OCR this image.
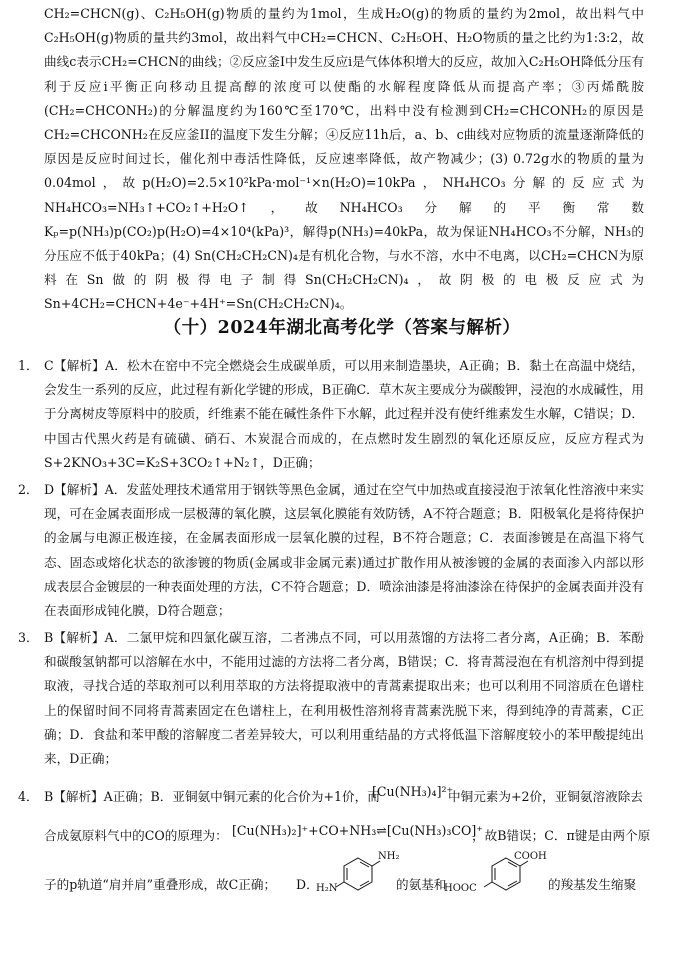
CH₂=CHCN(g)、C₂H₅OH(g)物质的量约为1mol，生成H₂O(g)的物质的量约为2mol，故出料气中C₂H₅OH(g)物质的量共约3mol，故出料气中CH₂=CHCN、C₂H₅OH、H₂O物质的量之比约为1:3:2，故曲线c表示CH₂=CHCN的曲线；②反应釜I中发生反应i是气体体积增大的反应，故加入C₂H₅OH降低分压有利于反应i平衡正向移动且提高醇的浓度可以使酯的水解程度降低从而提高产率；③丙烯酰胺(CH₂=CHCONH₂)的分解温度约为160℃至170℃，出料中没有检测到CH₂=CHCONH₂的原因是CH₂=CHCONH₂在反应釜II的温度下发生分解；④反应11h后，a、b、c曲线对应物质的流量逐渐降低的原因是反应时间过长，催化剂中毒活性降低，反应速率降低，故产物减少；(3) 0.72g水的物质的量为0.04mol，故p(H₂O)=2.5×10²kPa·mol⁻¹×n(H₂O)=10kPa，NH₄HCO₃分解的反应式为NH₄HCO₃=NH₃↑+CO₂↑+H₂O↑，故NH₄HCO₃分解的平衡常数Kₚ=p(NH₃)p(CO₂)p(H₂O)=4×10⁴(kPa)³，解得p(NH₃)=40kPa，故为保证NH₄HCO₃不分解，NH₃的分压应不低于40kPa；(4) Sn(CH₂CH₂CN)₄是有机化合物，与水不溶，水中不电离，以CH₂=CHCN为原料在Sn做的阴极得电子制得Sn(CH₂CH₂CN)₄，故阴极的电极反应式为Sn+4CH₂=CHCN+4e⁻+4H⁺=Sn(CH₂CH₂CN)₄。

（十）2024年湖北高考化学（答案与解析）
1． C【解析】A．松木在窑中不完全燃烧会生成碳单质，可以用来制造墨块，A正确；B．黏土在高温中烧结，会发生一系列的反应，此过程有新化学键的形成，B正确C．草木灰主要成分为碳酸钾，浸泡的水成碱性，用于分离树皮等原料中的胶质，纤维素不能在碱性条件下水解，此过程并没有使纤维素发生水解，C错误；D．中国古代黑火药是有硫磺、硝石、木炭混合而成的，在点燃时发生剧烈的氧化还原反应，反应方程式为S+2KNO₃+3C=K₂S+3CO₂↑+N₂↑，D正确；
2． D【解析】A．发蓝处理技术通常用于钢铁等黑色金属，通过在空气中加热或直接浸泡于浓氧化性溶液中来实现，可在金属表面形成一层极薄的氧化膜，这层氧化膜能有效防锈，A不符合题意；B．阳极氧化是将待保护的金属与电源正极连接，在金属表面形成一层氧化膜的过程，B不符合题意；C．表面渗镀是在高温下将气态、固态或熔化状态的欲渗镀的物质(金属或非金属元素)通过扩散作用从被渗镀的金属的表面渗入内部以形成表层合金镀层的一种表面处理的方法，C不符合题意；D．喷涂油漆是将油漆涂在待保护的金属表面并没有在表面形成钝化膜，D符合题意；
3． B【解析】A．二氯甲烷和四氯化碳互溶，二者沸点不同，可以用蒸馏的方法将二者分离，A正确；B．苯酚和碳酸氢钠都可以溶解在水中，不能用过滤的方法将二者分离，B错误；C．将青蒿浸泡在有机溶剂中得到提取液，寻找合适的萃取剂可以利用萃取的方法将提取液中的青蒿素提取出来；也可以利用不同溶质在色谱柱上的保留时间不同将青蒿素固定在色谱柱上，在利用极性溶剂将青蒿素洗脱下来，得到纯净的青蒿素，C正确；D．食盐和苯甲酸的溶解度二者差异较大，可以利用重结晶的方式将低温下溶解度较小的苯甲酸提纯出来，D正确；
4． B【解析】A正确；B．亚铜氨中铜元素的化合价为+1价，而
[Cu(NH₃)₄]²⁺
中铜元素为+2价，亚铜氨溶液除去
合成氨原料气中的CO的原理为： [Cu(NH₃)₂]⁺+CO+NH₃⇌[Cu(NH₃)₃CO]⁺
，故B错误；C．π键是由两个原
子的p轨道“肩并肩”重叠形成，故C正确； D．
NH₂
H₂N	的氨基和
COOH
HOOC	的羧基发生缩聚
